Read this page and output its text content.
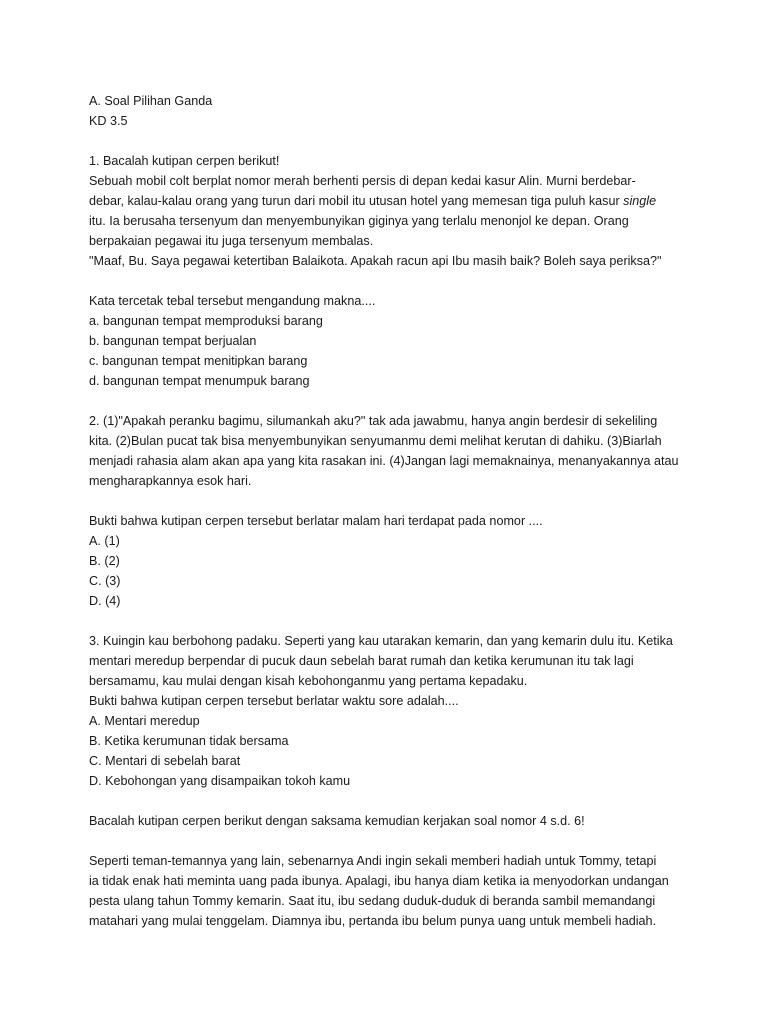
A. Soal Pilihan Ganda
KD 3.5
1. Bacalah kutipan cerpen berikut!
Sebuah mobil colt berplat nomor merah berhenti persis di depan kedai kasur Alin. Murni berdebar-
debar, kalau-kalau orang yang turun dari mobil itu utusan hotel yang memesan tiga puluh kasur single
itu. Ia berusaha tersenyum dan menyembunyikan giginya yang terlalu menonjol ke depan. Orang
berpakaian pegawai itu juga tersenyum membalas.
"Maaf, Bu. Saya pegawai ketertiban Balaikota. Apakah racun api Ibu masih baik? Boleh saya periksa?"
Kata tercetak tebal tersebut mengandung makna....
a. bangunan tempat memproduksi barang
b. bangunan tempat berjualan
c. bangunan tempat menitipkan barang
d. bangunan tempat menumpuk barang
2. (1)"Apakah peranku bagimu, silumankah aku?" tak ada jawabmu, hanya angin berdesir di sekeliling
kita. (2)Bulan pucat tak bisa menyembunyikan senyumanmu demi melihat kerutan di dahiku. (3)Biarlah
menjadi rahasia alam akan apa yang kita rasakan ini. (4)Jangan lagi memaknainya, menanyakannya atau
mengharapkannya esok hari.
Bukti bahwa kutipan cerpen tersebut berlatar malam hari terdapat pada nomor ....
A. (1)
B. (2)
C. (3)
D. (4)
3. Kuingin kau berbohong padaku. Seperti yang kau utarakan kemarin, dan yang kemarin dulu itu. Ketika
mentari meredup berpendar di pucuk daun sebelah barat rumah dan ketika kerumunan itu tak lagi
bersamamu, kau mulai dengan kisah kebohonganmu yang pertama kepadaku.
Bukti bahwa kutipan cerpen tersebut berlatar waktu sore adalah....
A. Mentari meredup
B. Ketika kerumunan tidak bersama
C. Mentari di sebelah barat
D. Kebohongan yang disampaikan tokoh kamu
Bacalah kutipan cerpen berikut dengan saksama kemudian kerjakan soal nomor 4 s.d. 6!
Seperti teman-temannya yang lain, sebenarnya Andi ingin sekali memberi hadiah untuk Tommy, tetapi
ia tidak enak hati meminta uang pada ibunya. Apalagi, ibu hanya diam ketika ia menyodorkan undangan
pesta ulang tahun Tommy kemarin. Saat itu, ibu sedang duduk-duduk di beranda sambil memandangi
matahari yang mulai tenggelam. Diamnya ibu, pertanda ibu belum punya uang untuk membeli hadiah.
